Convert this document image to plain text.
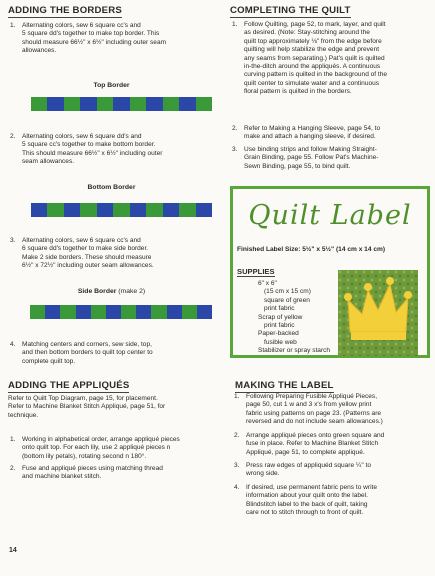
ADDING THE BORDERS
1. Alternating colors, sew 6 square cc's and
5 square dd's together to make top border. This
should measure 66½" x 6½" including outer seam
allowances.
Top Border
2. Alternating colors, sew 6 square dd's and
5 square cc's together to make bottom border.
This should measure 66½" x 6½" including outer
seam allowances.
Bottom Border
3. Alternating colors, sew 6 square cc's and
6 square dd's together to make side border.
Make 2 side borders. These should measure
6½" x 72½" including outer seam allowances.
Side Border (make 2)
4. Matching centers and corners, sew side, top,
and then bottom borders to quilt top center to
complete quilt top.
ADDING THE APPLIQUÉS
Refer to Quilt Top Diagram, page 15, for placement.
Refer to Machine Blanket Stitch Appliqué, page 51, for
technique.
1. Working in alphabetical order, arrange appliqué pieces
onto quilt top. For each lily, use 2 appliqué pieces n
(bottom lily petals), rotating second n 180°.
2. Fuse and appliqué pieces using matching thread
and machine blanket stitch.
14
COMPLETING THE QUILT
1. Follow Quilting, page 52, to mark, layer, and quilt
as desired. (Note: Stay-stitching around the
quilt top approximately ⅛" from the edge before
quilting will help stabilize the edge and prevent
any seams from separating.) Pat's quilt is quilted
in-the-ditch around the appliqués. A continuous
curving pattern is quilted in the background of the
quilt center to simulate water and a continuous
floral pattern is quilted in the borders.
2. Refer to Making a Hanging Sleeve, page 54, to
make and attach a hanging sleeve, if desired.
3. Use binding strips and follow Making Straight-
Grain Binding, page 55. Follow Pat's Machine-
Sewn Binding, page 55, to bind quilt.
Quilt Label
Finished Label Size: 5½" x 5½" (14 cm x 14 cm)
SUPPLIES
6" x 6"
(15 cm x 15 cm)
square of green
print fabric
Scrap of yellow
print fabric
Paper-backed
fusible web
Stabilizer or spray starch
MAKING THE LABEL
1. Following Preparing Fusible Appliqué Pieces,
page 50, cut 1 w and 3 x's from yellow print
fabric using patterns on page 23. (Patterns are
reversed and do not include seam allowances.)
2. Arrange appliqué pieces onto green square and
fuse in place. Refer to Machine Blanket Stitch
Appliqué, page 51, to complete appliqué.
3. Press raw edges of appliquéd square ¼" to
wrong side.
4. If desired, use permanent fabric pens to write
information about your quilt onto the label.
Blindstitch label to the back of quilt, taking
care not to stitch through to front of quilt.
